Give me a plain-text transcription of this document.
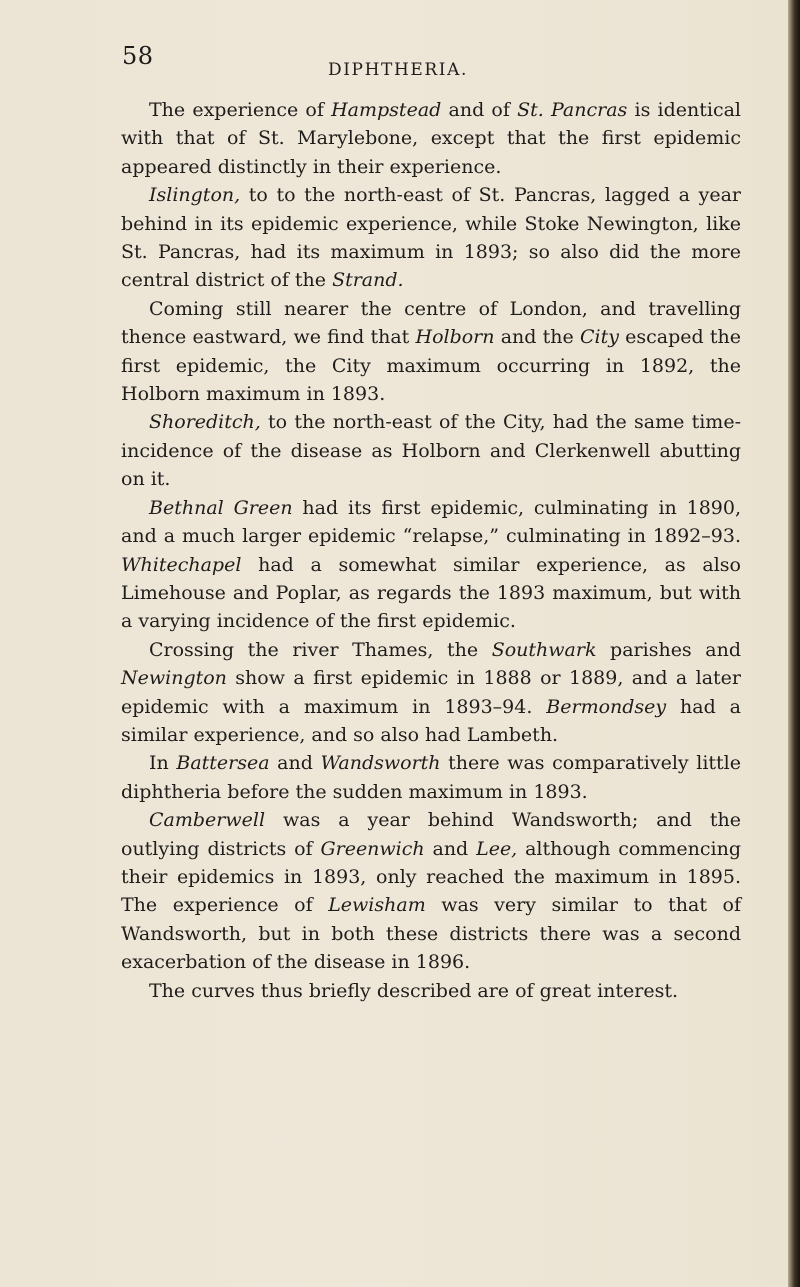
58	DIPHTHERIA.

The experience of Hampstead and of St. Pancras is identical with that of St. Marylebone, except that the first epidemic appeared distinctly in their experience.

Islington, to to the north-east of St. Pancras, lagged a year behind in its epidemic experience, while Stoke Newington, like St. Pancras, had its maximum in 1893; so also did the more central district of the Strand.

Coming still nearer the centre of London, and travelling thence eastward, we find that Holborn and the City escaped the first epidemic, the City maximum occurring in 1892, the Holborn maximum in 1893.

Shoreditch, to the north-east of the City, had the same time-incidence of the disease as Holborn and Clerkenwell abutting on it.

Bethnal Green had its first epidemic, culminating in 1890, and a much larger epidemic “relapse,” culminating in 1892–93. Whitechapel had a somewhat similar experience, as also Limehouse and Poplar, as regards the 1893 maximum, but with a varying incidence of the first epidemic.

Crossing the river Thames, the Southwark parishes and Newington show a first epidemic in 1888 or 1889, and a later epidemic with a maximum in 1893–94. Bermondsey had a similar experience, and so also had Lambeth.

In Battersea and Wandsworth there was comparatively little diphtheria before the sudden maximum in 1893.

Camberwell was a year behind Wandsworth; and the outlying districts of Greenwich and Lee, although commencing their epidemics in 1893, only reached the maximum in 1895. The experience of Lewisham was very similar to that of Wandsworth, but in both these districts there was a second exacerbation of the disease in 1896.

The curves thus briefly described are of great interest.
